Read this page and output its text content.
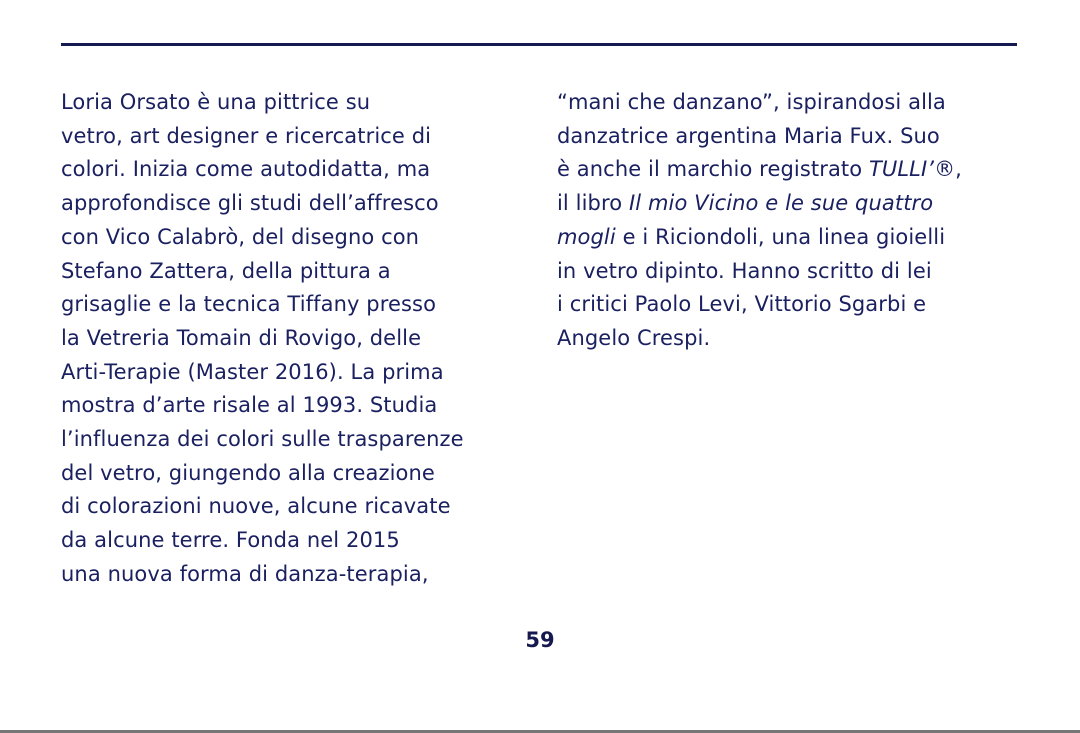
Loria Orsato è una pittrice su
vetro, art designer e ricercatrice di
colori. Inizia come autodidatta, ma
approfondisce gli studi dell’affresco
con Vico Calabrò, del disegno con
Stefano Zattera, della pittura a
grisaglie e la tecnica Tiffany presso
la Vetreria Tomain di Rovigo, delle
Arti-Terapie (Master 2016). La prima
mostra d’arte risale al 1993. Studia
l’influenza dei colori sulle trasparenze
del vetro, giungendo alla creazione
di colorazioni nuove, alcune ricavate
da alcune terre. Fonda nel 2015
una nuova forma di danza-terapia,
“mani che danzano”, ispirandosi alla
danzatrice argentina Maria Fux. Suo
è anche il marchio registrato TULLI’®,
il libro Il mio Vicino e le sue quattro
mogli e i Riciondoli, una linea gioielli
in vetro dipinto. Hanno scritto di lei
i critici Paolo Levi, Vittorio Sgarbi e
Angelo Crespi.
59
